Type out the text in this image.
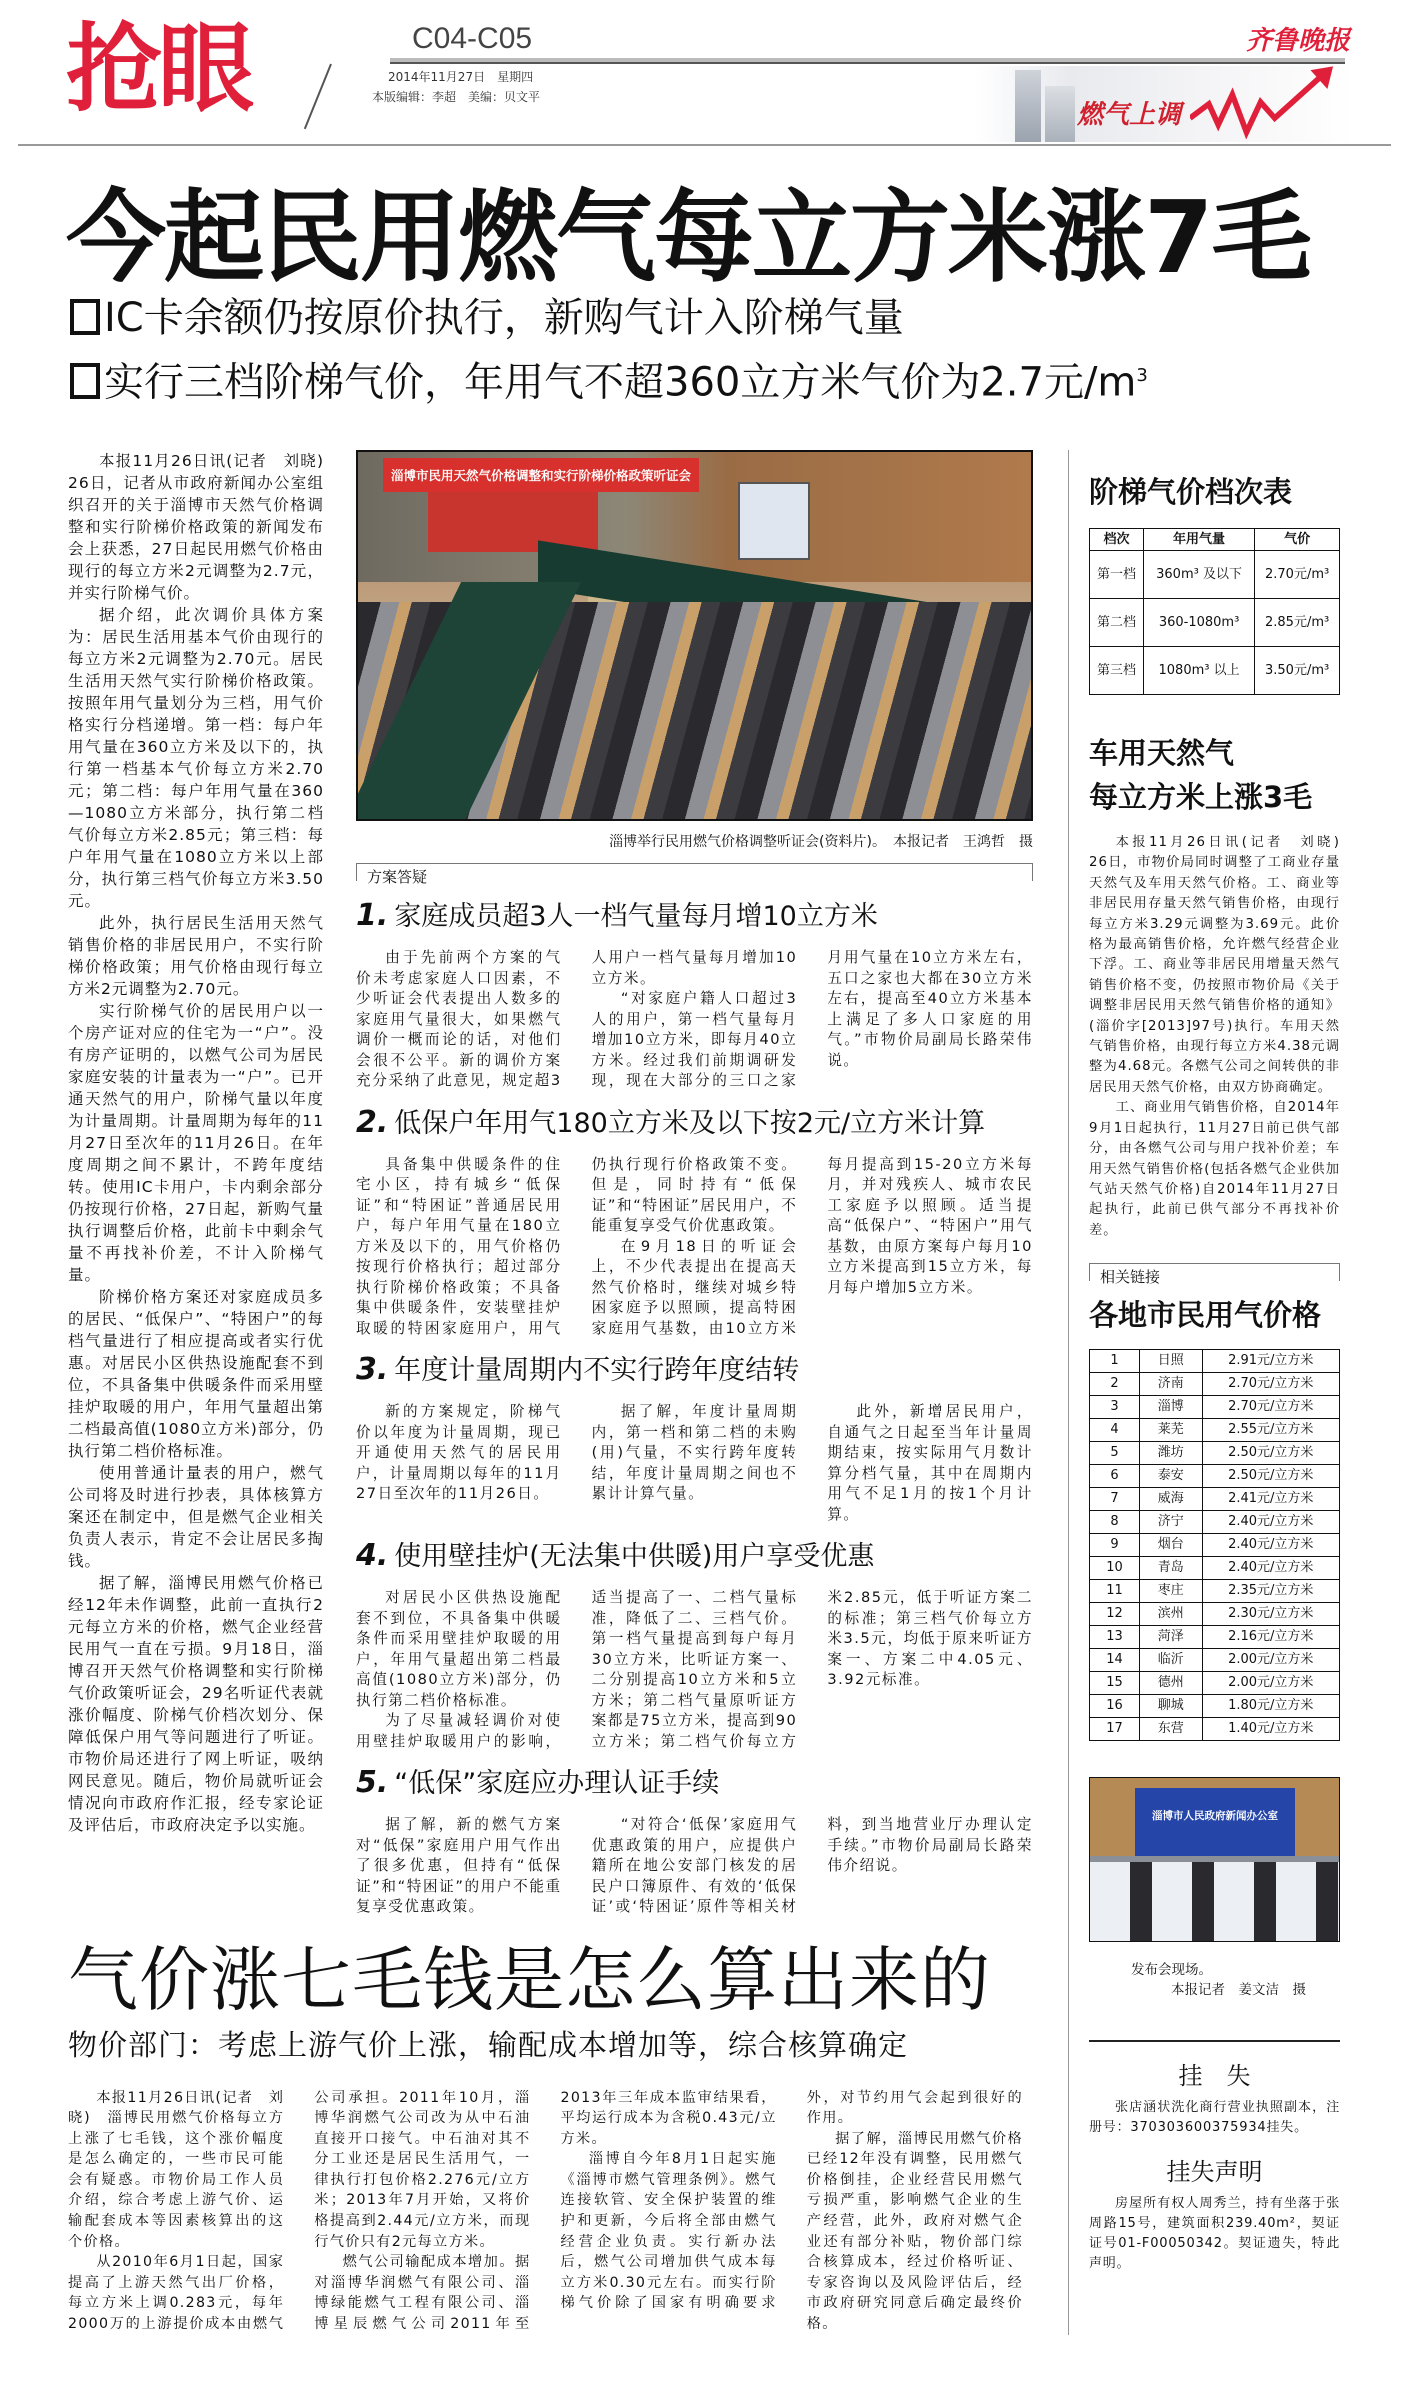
抢眼	C04-C05
2014年11月27日　星期四
本版编辑：李超　美编：贝文平
齐鲁晚报
燃气上调
今起民用燃气每立方米涨7毛
IC卡余额仍按原价执行，新购气计入阶梯气量
实行三档阶梯气价，年用气不超360立方米气价为2.7元$/m^3$

本报11月26日讯(记者　刘晓)　26日，记者从市政府新闻办公室组织召开的关于淄博市天然气价格调整和实行阶梯价格政策的新闻发布会上获悉，27日起民用燃气价格由现行的每立方米2元调整为2.7元，并实行阶梯气价。

据介绍，此次调价具体方案为：居民生活用基本气价由现行的每立方米2元调整为2.70元。居民生活用天然气实行阶梯价格政策。按照年用气量划分为三档，用气价格实行分档递增。第一档：每户年用气量在360立方米及以下的，执行第一档基本气价每立方米2.70元；第二档：每户年用气量在360—1080立方米部分，执行第二档气价每立方米2.85元；第三档：每户年用气量在1080立方米以上部分，执行第三档气价每立方米3.50元。

此外，执行居民生活用天然气销售价格的非居民用户，不实行阶梯价格政策；用气价格由现行每立方米2元调整为2.70元。

实行阶梯气价的居民用户以一个房产证对应的住宅为一“户”。没有房产证明的，以燃气公司为居民家庭安装的计量表为一“户”。已开通天然气的用户，阶梯气量以年度为计量周期。计量周期为每年的11月27日至次年的11月26日。在年度周期之间不累计，不跨年度结转。使用IC卡用户，卡内剩余部分仍按现行价格，27日起，新购气量执行调整后价格，此前卡中剩余气量不再找补价差，不计入阶梯气量。

阶梯价格方案还对家庭成员多的居民、“低保户”、“特困户”的每档气量进行了相应提高或者实行优惠。对居民小区供热设施配套不到位，不具备集中供暖条件而采用壁挂炉取暖的用户，年用气量超出第二档最高值(1080立方米)部分，仍执行第二档价格标准。

使用普通计量表的用户，燃气公司将及时进行抄表，具体核算方案还在制定中，但是燃气企业相关负责人表示，肯定不会让居民多掏钱。

据了解，淄博民用燃气价格已经12年未作调整，此前一直执行2元每立方米的价格，燃气企业经营民用气一直在亏损。9月18日，淄博召开天然气价格调整和实行阶梯气价政策听证会，29名听证代表就涨价幅度、阶梯气价档次划分、保障低保户用气等问题进行了听证。市物价局还进行了网上听证，吸纳网民意见。随后，物价局就听证会情况向市政府作汇报，经专家论证及评估后，市政府决定予以实施。

淄博市民用天然气价格调整和实行阶梯价格政策听证会
淄博举行民用燃气价格调整听证会(资料片)。　本报记者　王鸿哲　摄
方案答疑
1. 家庭成员超3人一档气量每月增10立方米

由于先前两个方案的气价未考虑家庭人口因素，不少听证会代表提出人数多的家庭用气量很大，如果燃气调价一概而论的话，对他们会很不公平。新的调价方案充分采纳了此意见，规定超3人用户一档气量每月增加10立方米。

“对家庭户籍人口超过3人的用户，第一档气量每月增加10立方米，即每月40立方米。经过我们前期调研发现，现在大部分的三口之家月用气量在10立方米左右，五口之家也大都在30立方米左右，提高至40立方米基本上满足了多人口家庭的用气。”市物价局副局长路荣伟说。

2. 低保户年用气180立方米及以下按2元/立方米计算

具备集中供暖条件的住宅小区，持有城乡“低保证”和“特困证”普通居民用户，每户年用气量在180立方米及以下的，用气价格仍按现行价格执行；超过部分执行阶梯价格政策；不具备集中供暖条件，安装壁挂炉取暖的特困家庭用户，用气仍执行现行价格政策不变。但是，同时持有“低保证”和“特困证”居民用户，不能重复享受气价优惠政策。

在9月18日的听证会上，不少代表提出在提高天然气价格时，继续对城乡特困家庭予以照顾，提高特困家庭用气基数，由10立方米每月提高到15-20立方米每月，并对残疾人、城市农民工家庭予以照顾。适当提高“低保户”、“特困户”用气基数，由原方案每户每月10立方米提高到15立方米，每月每户增加5立方米。

3. 年度计量周期内不实行跨年度结转

新的方案规定，阶梯气价以年度为计量周期，现已开通使用天然气的居民用户，计量周期以每年的11月27日至次年的11月26日。

据了解，年度计量周期内，第一档和第二档的未购(用)气量，不实行跨年度转结，年度计量周期之间也不累计计算气量。

此外，新增居民用户，自通气之日起至当年计量周期结束，按实际用气月数计算分档气量，其中在周期内用气不足1月的按1个月计算。

4. 使用壁挂炉(无法集中供暖)用户享受优惠

对居民小区供热设施配套不到位，不具备集中供暖条件而采用壁挂炉取暖的用户，年用气量超出第二档最高值(1080立方米)部分，仍执行第二档价格标准。

为了尽量减轻调价对使用壁挂炉取暖用户的影响，适当提高了一、二档气量标准，降低了二、三档气价。第一档气量提高到每户每月30立方米，比听证方案一、二分别提高10立方米和5立方米；第二档气量原听证方案都是75立方米，提高到90立方米；第二档气价每立方米2.85元，低于听证方案二的标准；第三档气价每立方米3.5元，均低于原来听证方案一、方案二中4.05元、3.92元标准。

5. “低保”家庭应办理认证手续

据了解，新的燃气方案对“低保”家庭用户用气作出了很多优惠，但持有“低保证”和“特困证”的用户不能重复享受优惠政策。

“对符合‘低保’家庭用气优惠政策的用户，应提供户籍所在地公安部门核发的居民户口簿原件、有效的‘低保证’或‘特困证’原件等相关材料，到当地营业厅办理认定手续。”市物价局副局长路荣伟介绍说。

阶梯气价档次表
档次	年用气量	气价
第一档	360m³ 及以下	2.70元/m³
第二档	360-1080m³	2.85元/m³
第三档	1080m³ 以上	3.50元/m³
车用天然气
每立方米上涨3毛

本报11月26日讯(记者　刘晓)　26日，市物价局同时调整了工商业存量天然气及车用天然气价格。工、商业等非居民用存量天然气销售价格，由现行每立方米3.29元调整为3.69元。此价格为最高销售价格，允许燃气经营企业下浮。工、商业等非居民用增量天然气销售价格不变，仍按照市物价局《关于调整非居民用天然气销售价格的通知》(淄价字[2013]97号)执行。车用天然气销售价格，由现行每立方米4.38元调整为4.68元。各燃气公司之间转供的非居民用天然气价格，由双方协商确定。

工、商业用气销售价格，自2014年9月1日起执行，11月27日前已供气部分，由各燃气公司与用户找补价差；车用天然气销售价格(包括各燃气企业供加气站天然气价格)自2014年11月27日起执行，此前已供气部分不再找补价差。

相关链接
各地市民用气价格
1	日照	2.91元/立方米
2	济南	2.70元/立方米
3	淄博	2.70元/立方米
4	莱芜	2.55元/立方米
5	潍坊	2.50元/立方米
6	泰安	2.50元/立方米
7	威海	2.41元/立方米
8	济宁	2.40元/立方米
9	烟台	2.40元/立方米
10	青岛	2.40元/立方米
11	枣庄	2.35元/立方米
12	滨州	2.30元/立方米
13	菏泽	2.16元/立方米
14	临沂	2.00元/立方米
15	德州	2.00元/立方米
16	聊城	1.80元/立方米
17	东营	1.40元/立方米
淄博市人民政府新闻办公室
发布会现场。
本报记者　姜文洁　摄
挂　失

张店涵状洗化商行营业执照副本，注册号：370303600375934挂失。

挂失声明

房屋所有权人周秀兰，持有坐落于张周路15号，建筑面积239.40m²，契证证号01-F00050342。契证遗失，特此声明。

气价涨七毛钱是怎么算出来的
物价部门：考虑上游气价上涨，输配成本增加等，综合核算确定

本报11月26日讯(记者　刘晓)　淄博民用燃气价格每立方上涨了七毛钱，这个涨价幅度是怎么确定的，一些市民可能会有疑惑。市物价局工作人员介绍，综合考虑上游气价、运输配套成本等因素核算出的这个价格。

从2010年6月1日起，国家提高了上游天然气出厂价格，每立方米上调0.283元，每年2000万的上游提价成本由燃气公司承担。2011年10月，淄博华润燃气公司改为从中石油直接开口接气。中石油对其不分工业还是居民生活用气，一律执行打包价格2.276元/立方米；2013年7月开始，又将价格提高到2.44元/立方米，而现行气价只有2元每立方米。

燃气公司输配成本增加。据对淄博华润燃气有限公司、淄博绿能燃气工程有限公司、淄博星辰燃气公司2011年至2013年三年成本监审结果看，平均运行成本为含税0.43元/立方米。

淄博自今年8月1日起实施《淄博市燃气管理条例》。燃气连接软管、安全保护装置的维护和更新，今后将全部由燃气经营企业负责。实行新办法后，燃气公司增加供气成本每立方米0.30元左右。而实行阶梯气价除了国家有明确要求外，对节约用气会起到很好的作用。

据了解，淄博民用燃气价格已经12年没有调整，民用燃气价格倒挂，企业经营民用燃气亏损严重，影响燃气企业的生产经营，此外，政府对燃气企业还有部分补贴，物价部门综合核算成本，经过价格听证、专家咨询以及风险评估后，经市政府研究同意后确定最终价格。
